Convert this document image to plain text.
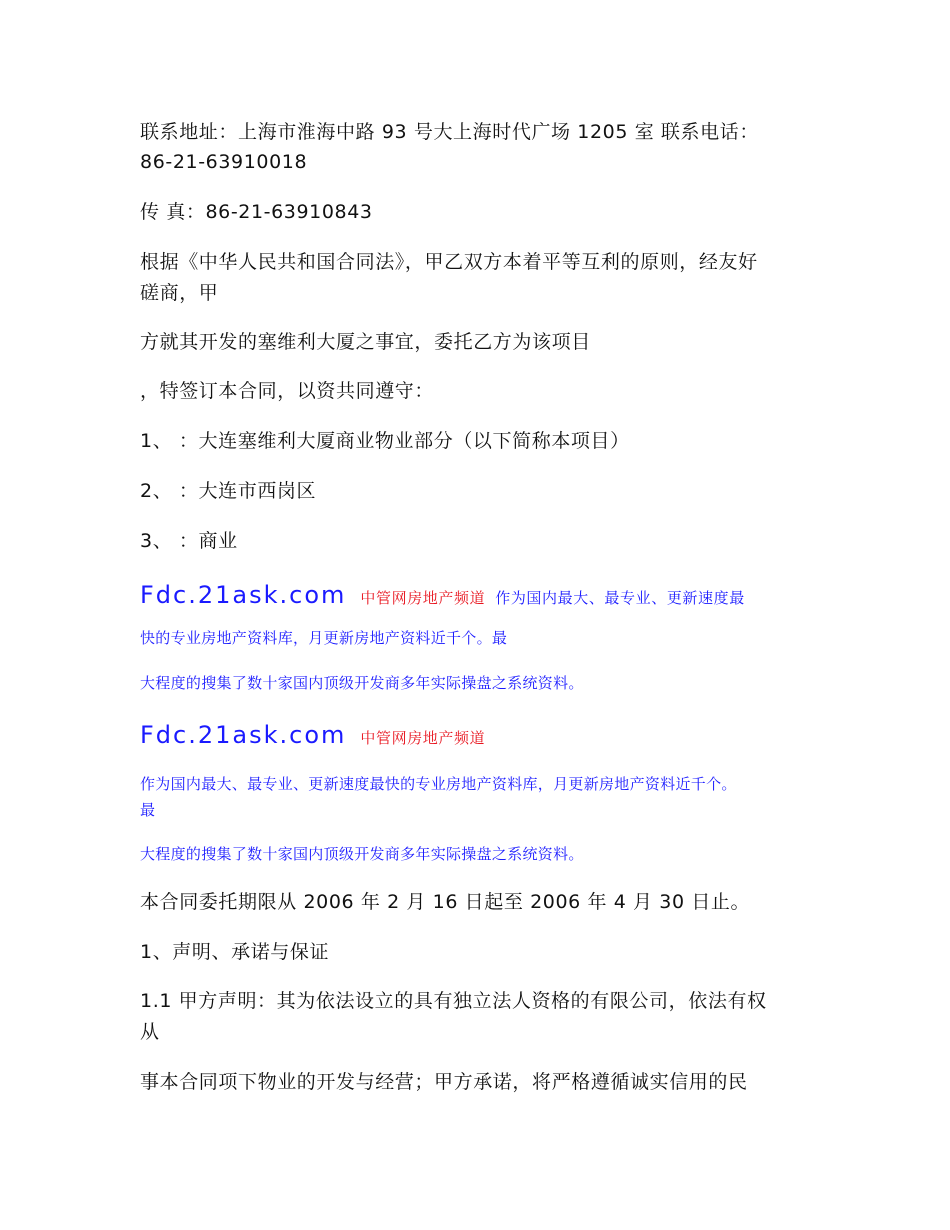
联系地址：上海市淮海中路 93 号大上海时代广场 1205 室 联系电话：
86-21-63910018
传 真：86-21-63910843
根据《中华人民共和国合同法》，甲乙双方本着平等互利的原则，经友好
磋商，甲
方就其开发的塞维利大厦之事宜，委托乙方为该项目
，特签订本合同，以资共同遵守：
1、 ：大连塞维利大厦商业物业部分（以下简称本项目）
2、 ：大连市西岗区
3、 ：商业
Fdc.21ask.com 中管网房地产频道 作为国内最大、最专业、更新速度最
快的专业房地产资料库，月更新房地产资料近千个。最
大程度的搜集了数十家国内顶级开发商多年实际操盘之系统资料。
Fdc.21ask.com 中管网房地产频道
作为国内最大、最专业、更新速度最快的专业房地产资料库，月更新房地产资料近千个。
最
大程度的搜集了数十家国内顶级开发商多年实际操盘之系统资料。
本合同委托期限从 2006 年 2 月 16 日起至 2006 年 4 月 30 日止。
1、声明、承诺与保证
1.1 甲方声明：其为依法设立的具有独立法人资格的有限公司，依法有权
从
事本合同项下物业的开发与经营；甲方承诺，将严格遵循诚实信用的民
